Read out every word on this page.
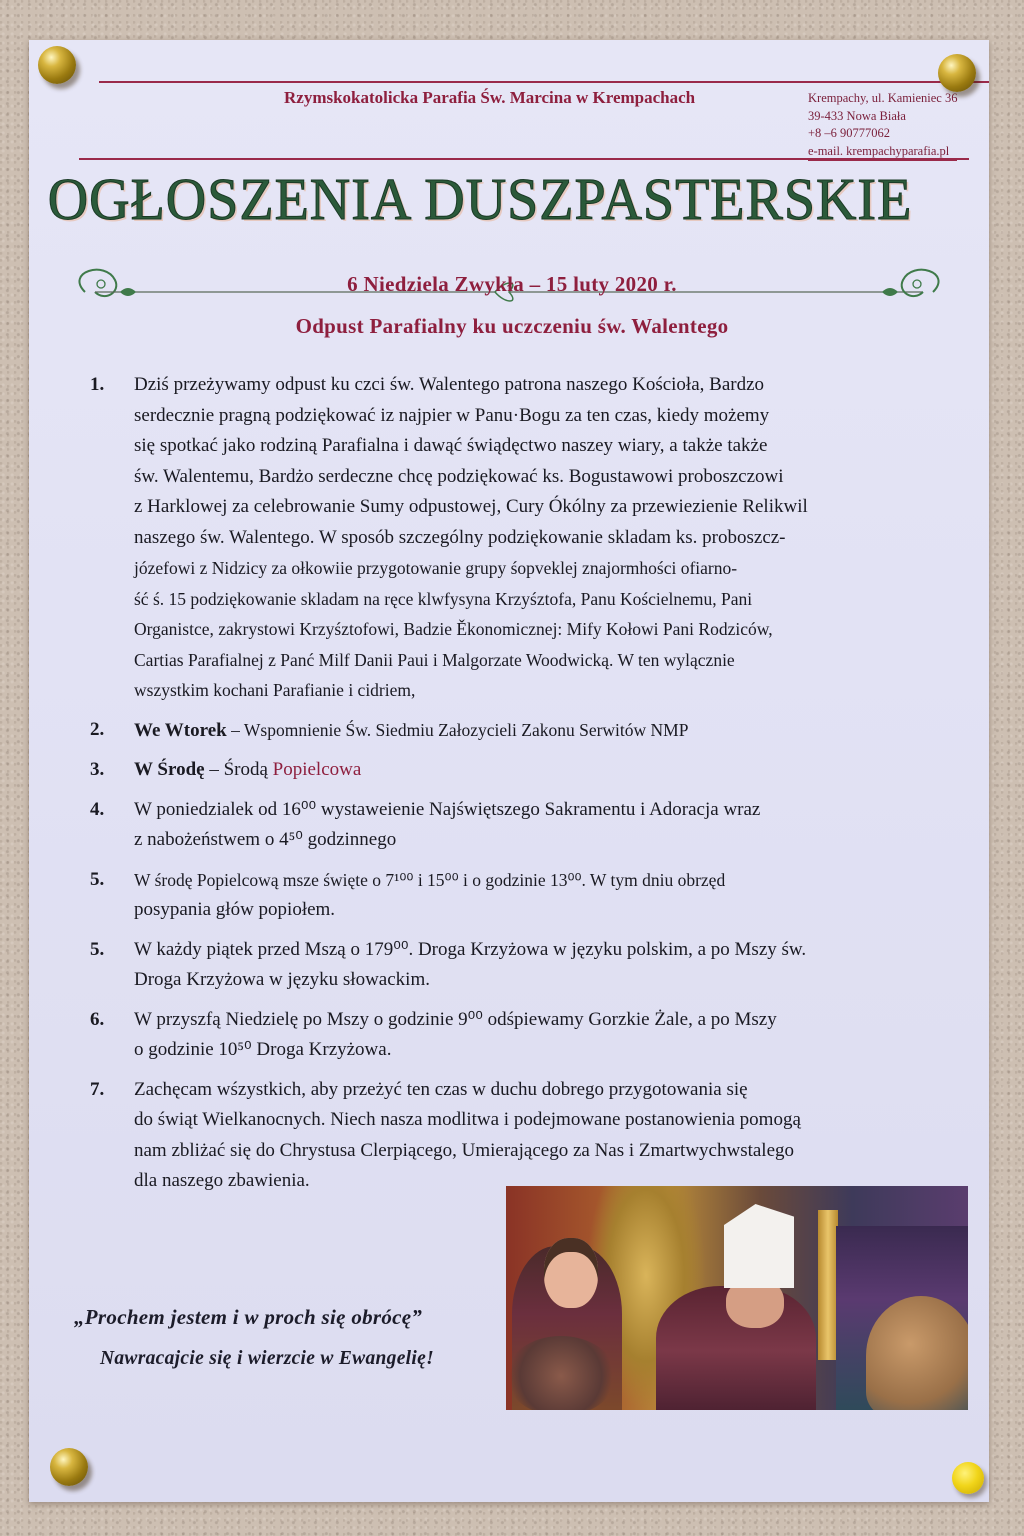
Rzymskokatolicka Parafia Św. Marcina w Krempachach	Krempachy, ul. Kamieniec 36
39-433 Nowa Biała
+8 –6 90777062
e-mail. krempachyparafia.pl
OGŁOSZENIA DUSZPASTERSKIE
6 Niedziela Zwykła – 15 luty 2020 r.
Odpust Parafialny ku uczczeniu św. Walentego
1. Dziś przeżywamy odpust ku czci św. Walentego patrona naszego Kościoła, Bardzo
serdecznie pragną podziękować iz najpier w Panu·Bogu za ten czas, kiedy możemy
się spotkać jako rodziną Parafialna i dawąć świądęctwo naszey wiary, a także także
św. Walentemu, Bardżo serdeczne chcę podziękować ks. Bogustawowi proboszczowi
z Harklowej za celebrowanie Sumy odpustowej, Cury Ókólny za przewiezienie Relikwil
naszego św. Walentego. W sposób szczególny podziękowanie skladam ks. proboszcz-
józefowi z Nidzicy za ołkowiie przygotowanie grupy śopveklej znajormhości ofiarno-
ść ś. 15 podziękowanie skladam na ręce klwfysyna Krzyśztofa, Panu Kościelnemu, Pani
Organistce, zakrystowi Krzyśztofowi, Badzie Ěkonomicznej: Mify Kołowi Pani Rodziców,
Cartias Parafialnej z Panć Milf Danii Paui i Malgorzate Woodwicką. W ten wylącznie
wszystkim kochani Parafianie i cidriem,
2. We Wtorek – Wspomnienie Św. Siedmiu Załozycieli Zakonu Serwitów NMP
3. W Środę – Środą Popielcowa
4. W poniedzialek od 16⁰⁰ wystaweienie Najświętszego Sakramentu i Adoracja wraz
z nabożeństwem o 4⁵⁰ godzinnego
5. W środę Popielcową msze święte o 7¹⁰⁰ i 15⁰⁰ i o godzinie 13⁰⁰. W tym dniu obrzęd
posypania głów popiołem.
5. W każdy piątek przed Mszą o 179⁰⁰. Droga Krzyżowa w języku polskim, a po Mszy św.
Droga Krzyżowa w języku słowackim.
6. W przyszfą Niedzielę po Mszy o godzinie 9⁰⁰ odśpiewamy Gorzkie Żale, a po Mszy
o godzinie 10⁵⁰ Droga Krzyżowa.
7. Zachęcam wśzystkich, aby przeżyć ten czas w duchu dobrego przygotowania się
do świąt Wielkanocnych. Niech nasza modlitwa i podejmowane postanowienia pomogą
nam zbliżać się do Chrystusa Clerpiącego, Umierającego za Nas i Zmartwychwstalego
dla naszego zbawienia.
„Prochem jestem i w proch się obrócę”
Nawracajcie się i wierzcie w Ewangelię!
